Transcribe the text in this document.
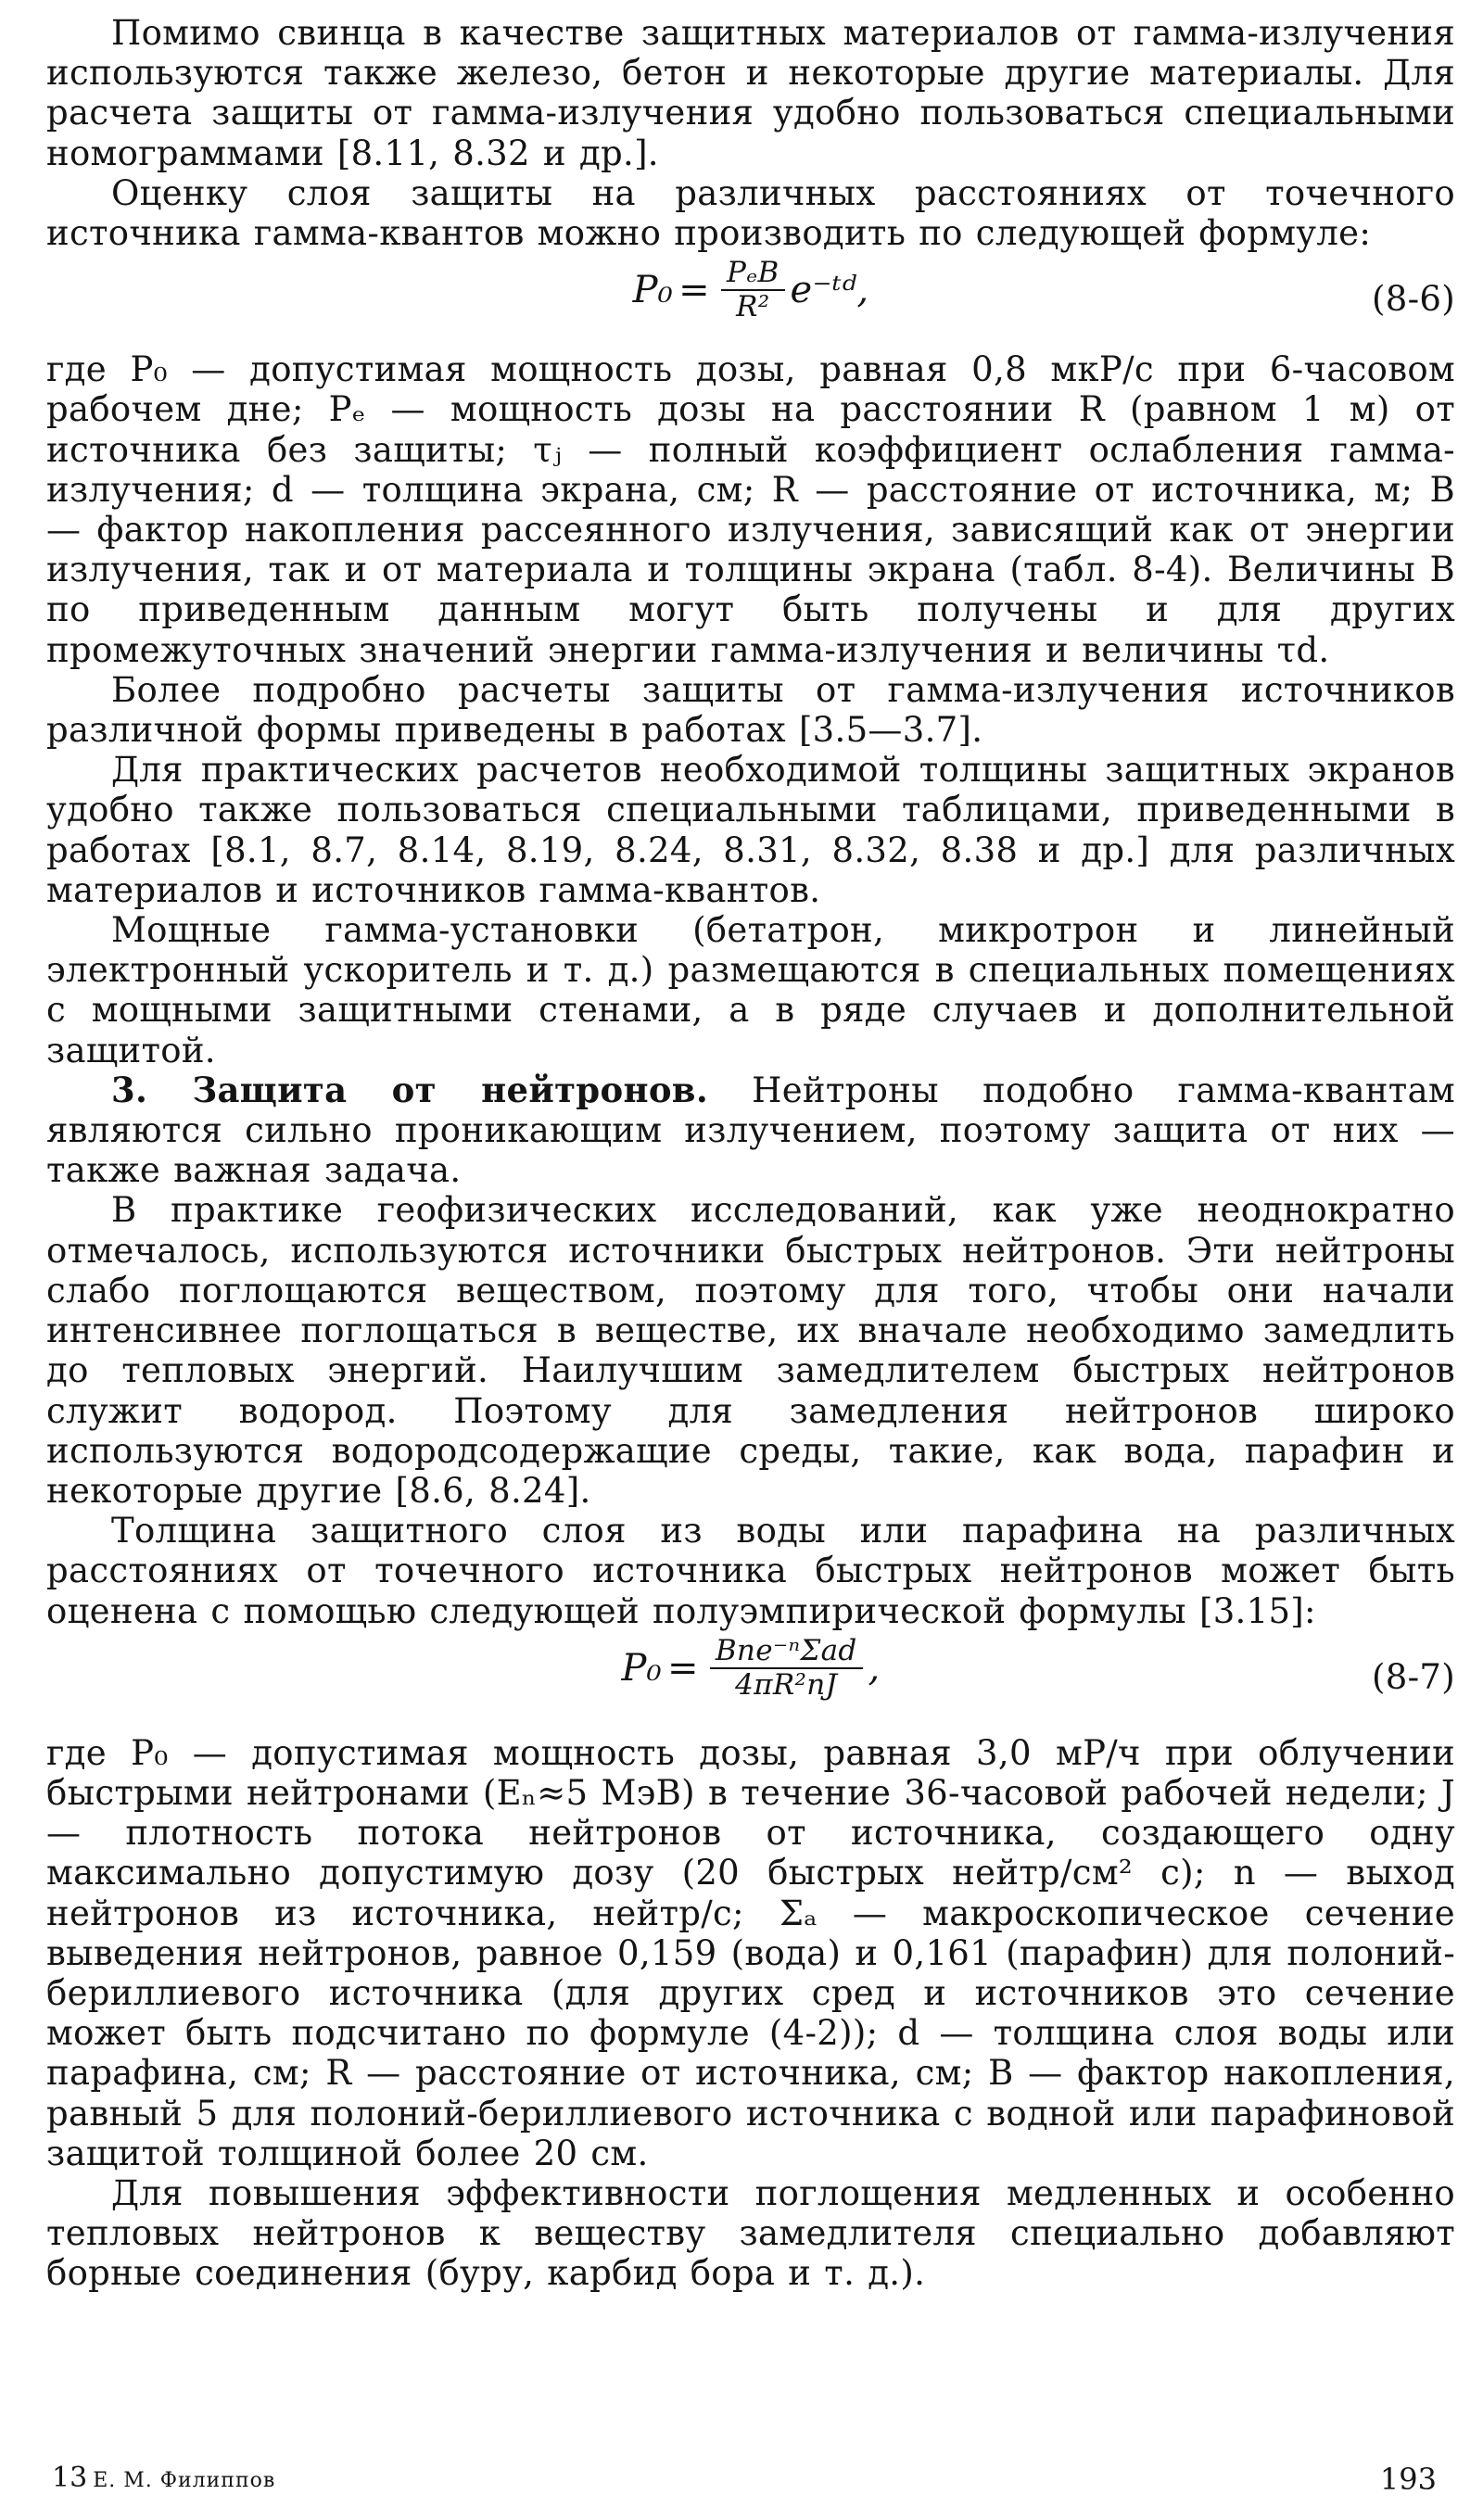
Помимо свинца в качестве защитных материалов от гамма-излучения используются также железо, бетон и некоторые другие материалы. Для расчета защиты от гамма-излучения удобно пользоваться специальными номограммами [8.11, 8.32 и др.].

Оценку слоя защиты на различных расстояниях от точечного источника гамма-квантов можно производить по следующей формуле:

$P_0 = \frac{\text{PₑB}}{\text{R²}}$ e⁻ᵗᵈ,	(8-6)

где P₀ — допустимая мощность дозы, равная 0,8 мкР/с при 6-часовом рабочем дне; Pₑ — мощность дозы на расстоянии R (равном 1 м) от источника без защиты; τⱼ — полный коэффициент ослабления гамма-излучения; d — толщина экрана, см; R — расстояние от источника, м; B — фактор накопления рассеянного излучения, зависящий как от энергии излучения, так и от материала и толщины экрана (табл. 8-4). Величины B по приведенным данным могут быть получены и для других промежуточных значений энергии гамма-излучения и величины τd.

Более подробно расчеты защиты от гамма-излучения источников различной формы приведены в работах [3.5—3.7].

Для практических расчетов необходимой толщины защитных экранов удобно также пользоваться специальными таблицами, приведенными в работах [8.1, 8.7, 8.14, 8.19, 8.24, 8.31, 8.32, 8.38 и др.] для различных материалов и источников гамма-квантов.

Мощные гамма-установки (бетатрон, микротрон и линейный электронный ускоритель и т. д.) размещаются в специальных помещениях с мощными защитными стенами, а в ряде случаев и дополнительной защитой.

3. Защита от нейтронов. Нейтроны подобно гамма-квантам являются сильно проникающим излучением, поэтому защита от них — также важная задача.

В практике геофизических исследований, как уже неоднократно отмечалось, используются источники быстрых нейтронов. Эти нейтроны слабо поглощаются веществом, поэтому для того, чтобы они начали интенсивнее поглощаться в веществе, их вначале необходимо замедлить до тепловых энергий. Наилучшим замедлителем быстрых нейтронов служит водород. Поэтому для замедления нейтронов широко используются водородсодержащие среды, такие, как вода, парафин и некоторые другие [8.6, 8.24].

Толщина защитного слоя из воды или парафина на различных расстояниях от точечного источника быстрых нейтронов может быть оценена с помощью следующей полуэмпирической формулы [3.15]:

$P_0 = \frac{\text{Bne⁻ⁿΣad}}{\text{4πR²nJ}}$ ,	(8-7)

где P₀ — допустимая мощность дозы, равная 3,0 мР/ч при облучении быстрыми нейтронами (Eₙ≈5 МэВ) в течение 36-часовой рабочей недели; J — плотность потока нейтронов от источника, создающего одну максимально допустимую дозу (20 быстрых нейтр/см² с); n — выход нейтронов из источника, нейтр/с; Σₐ — макроскопическое сечение выведения нейтронов, равное 0,159 (вода) и 0,161 (парафин) для полоний-бериллиевого источника (для других сред и источников это сечение может быть подсчитано по формуле (4-2)); d — толщина слоя воды или парафина, см; R — расстояние от источника, см; B — фактор накопления, равный 5 для полоний-бериллиевого источника с водной или парафиновой защитой толщиной более 20 см.

Для повышения эффективности поглощения медленных и особенно тепловых нейтронов к веществу замедлителя специально добавляют борные соединения (буру, карбид бора и т. д.).

13 Е. М. Филиппов	193
